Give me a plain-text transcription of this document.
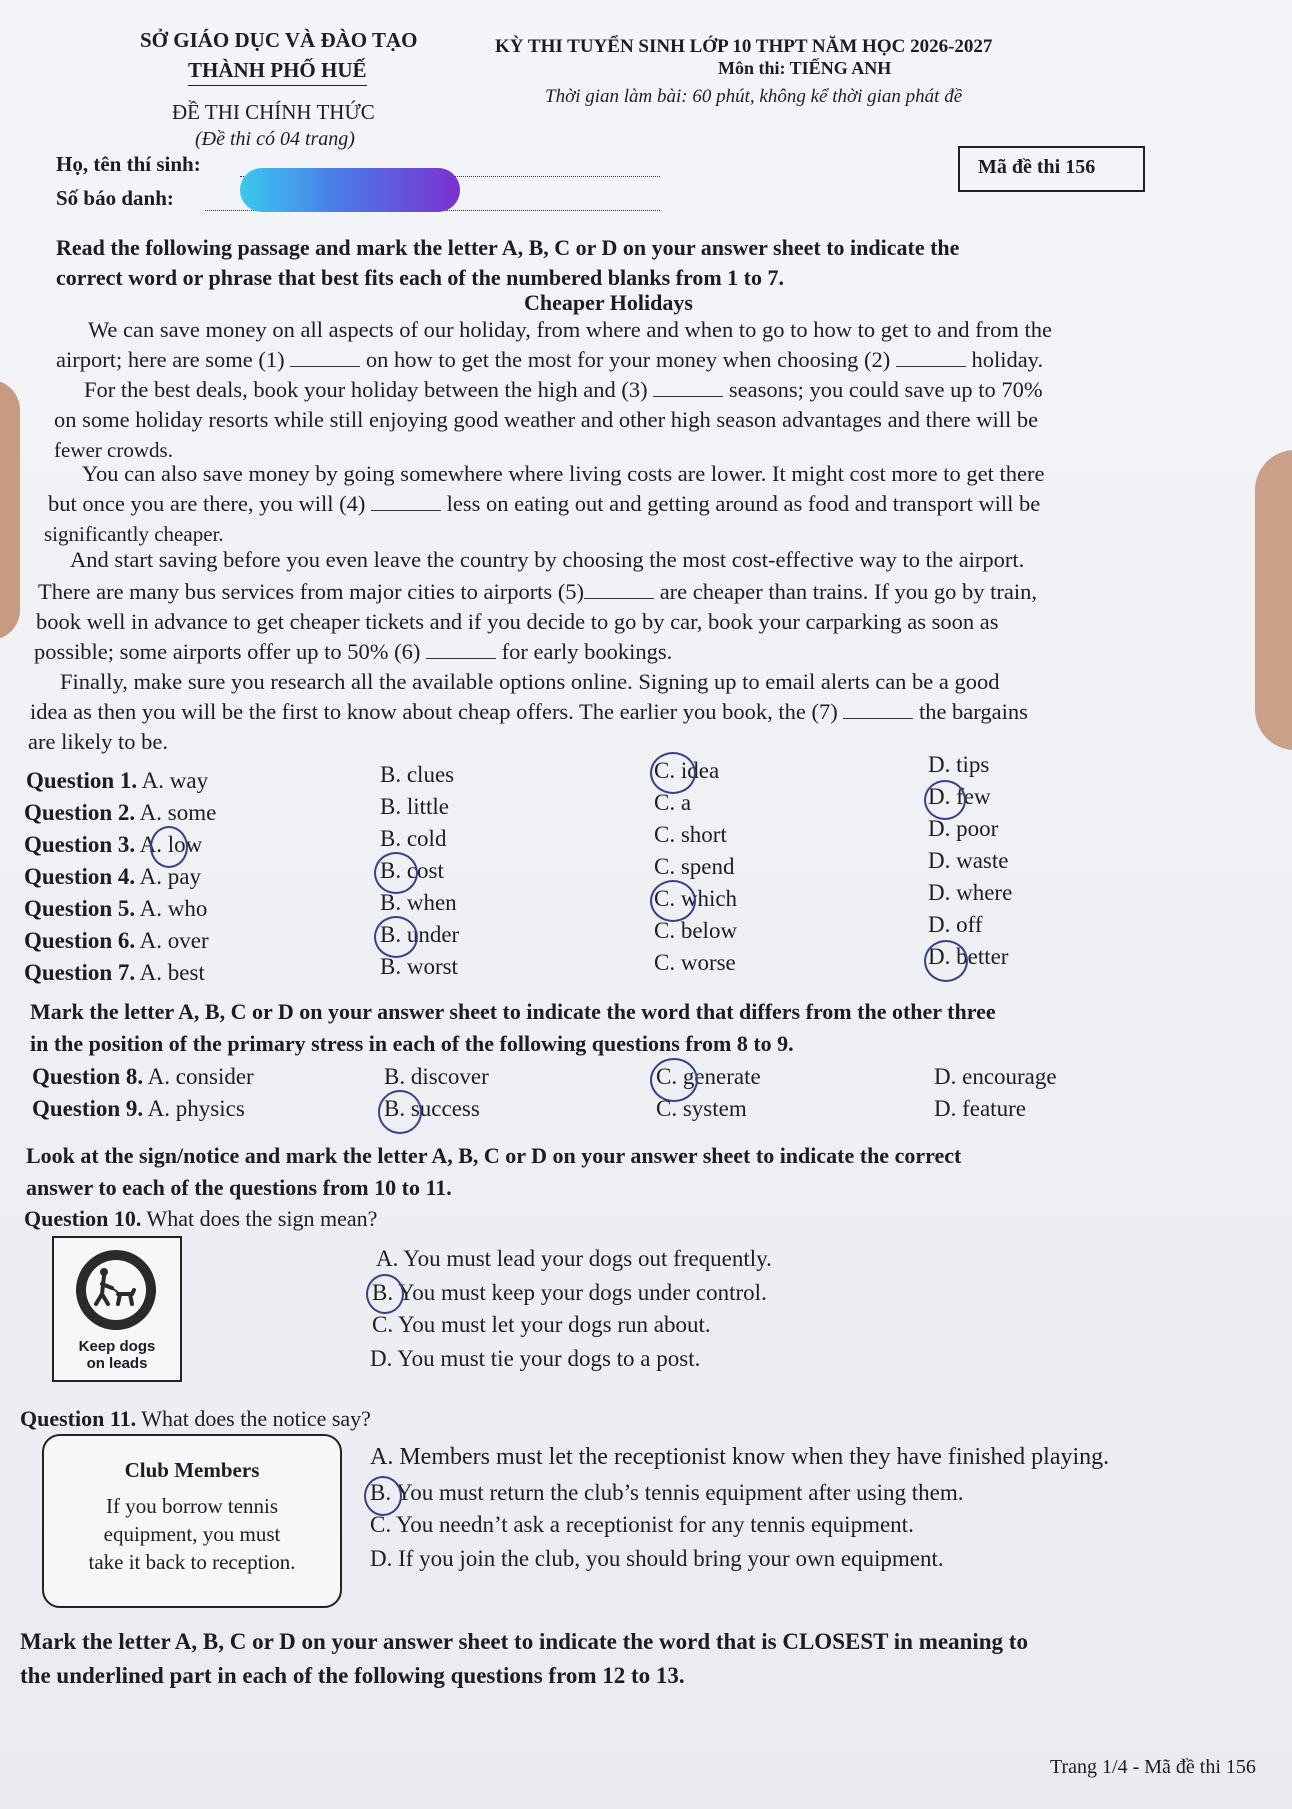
SỞ GIÁO DỤC VÀ ĐÀO TẠO
THÀNH PHỐ HUẾ
ĐỀ THI CHÍNH THỨC
(Đề thi có 04 trang)
KỲ THI TUYỂN SINH LỚP 10 THPT NĂM HỌC 2026-2027
Môn thi: TIẾNG ANH
Thời gian làm bài: 60 phút, không kể thời gian phát đề
Mã đề thi 156
Họ, tên thí sinh:
Số báo danh:
Read the following passage and mark the letter A, B, C or D on your answer sheet to indicate the
correct word or phrase that best fits each of the numbered blanks from 1 to 7.
Cheaper Holidays
We can save money on all aspects of our holiday, from where and when to go to how to get to and from the
airport; here are some (1)	on how to get the most for your money when choosing (2)	holiday.
For the best deals, book your holiday between the high and (3)	seasons; you could save up to 70%
on some holiday resorts while still enjoying good weather and other high season advantages and there will be
fewer crowds.
You can also save money by going somewhere where living costs are lower. It might cost more to get there
but once you are there, you will (4)	less on eating out and getting around as food and transport will be
significantly cheaper.
And start saving before you even leave the country by choosing the most cost-effective way to the airport.
There are many bus services from major cities to airports (5)	are cheaper than trains. If you go by train,
book well in advance to get cheaper tickets and if you decide to go by car, book your carparking as soon as
possible; some airports offer up to 50% (6)	for early bookings.
Finally, make sure you research all the available options online. Signing up to email alerts can be a good
idea as then you will be the first to know about cheap offers. The earlier you book, the (7)	the bargains
are likely to be.
Question 1. A. way	B. clues	C. idea	D. tips
Question 2. A. some	B. little	C. a	D. few
Question 3. A. low	B. cold	C. short	D. poor
Question 4. A. pay	B. cost	C. spend	D. waste
Question 5. A. who	B. when	C. which	D. where
Question 6. A. over	B. under	C. below	D. off
Question 7. A. best	B. worst	C. worse	D. better
Mark the letter A, B, C or D on your answer sheet to indicate the word that differs from the other three
in the position of the primary stress in each of the following questions from 8 to 9.
Question 8. A. consider	B. discover	C. generate	D. encourage
Question 9. A. physics	B. success	C. system	D. feature
Look at the sign/notice and mark the letter A, B, C or D on your answer sheet to indicate the correct
answer to each of the questions from 10 to 11.
Question 10. What does the sign mean?
Keep dogs
on leads
A. You must lead your dogs out frequently.
B. You must keep your dogs under control.
C. You must let your dogs run about.
D. You must tie your dogs to a post.
Question 11. What does the notice say?
Club Members
If you borrow tennis
equipment, you must
take it back to reception.
A. Members must let the receptionist know when they have finished playing.
B. You must return the club’s tennis equipment after using them.
C. You needn’t ask a receptionist for any tennis equipment.
D. If you join the club, you should bring your own equipment.
Mark the letter A, B, C or D on your answer sheet to indicate the word that is CLOSEST in meaning to
the underlined part in each of the following questions from 12 to 13.
Trang 1/4 - Mã đề thi 156
